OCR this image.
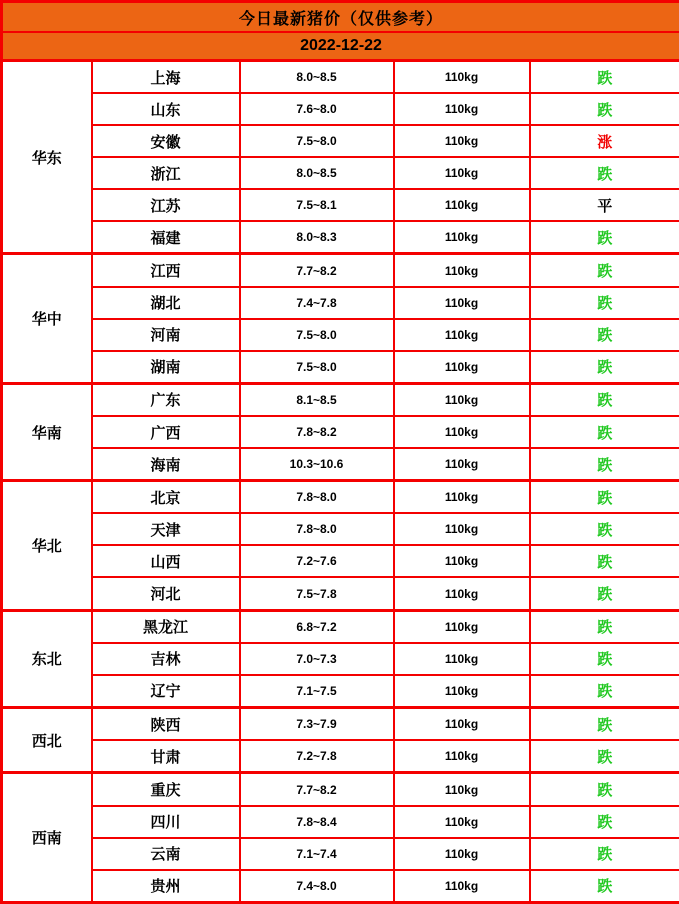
今日最新猪价（仅供参考）				
2022-12-22				
华东	上海	8.0~8.5	110kg	跌
	山东	7.6~8.0	110kg	跌
	安徽	7.5~8.0	110kg	涨
	浙江	8.0~8.5	110kg	跌
	江苏	7.5~8.1	110kg	平
	福建	8.0~8.3	110kg	跌
华中	江西	7.7~8.2	110kg	跌
	湖北	7.4~7.8	110kg	跌
	河南	7.5~8.0	110kg	跌
	湖南	7.5~8.0	110kg	跌
华南	广东	8.1~8.5	110kg	跌
	广西	7.8~8.2	110kg	跌
	海南	10.3~10.6	110kg	跌
华北	北京	7.8~8.0	110kg	跌
	天津	7.8~8.0	110kg	跌
	山西	7.2~7.6	110kg	跌
	河北	7.5~7.8	110kg	跌
东北	黑龙江	6.8~7.2	110kg	跌
	吉林	7.0~7.3	110kg	跌
	辽宁	7.1~7.5	110kg	跌
西北	陕西	7.3~7.9	110kg	跌
	甘肃	7.2~7.8	110kg	跌
西南	重庆	7.7~8.2	110kg	跌
	四川	7.8~8.4	110kg	跌
	云南	7.1~7.4	110kg	跌
	贵州	7.4~8.0	110kg	跌
